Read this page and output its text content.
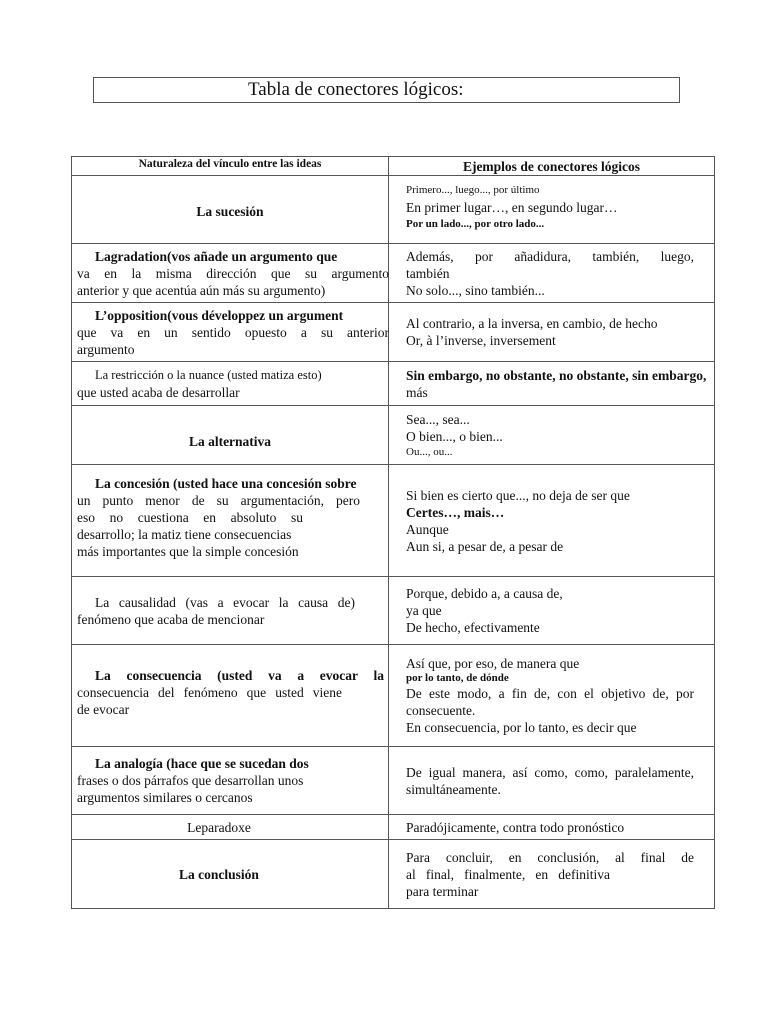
Tabla de conectores lógicos:
Naturaleza del vínculo entre las ideas	Ejemplos de conectores lógicos

La sucesión	Primero..., luego..., por último
En primer lugar…, en segundo lugar…
Por un lado..., por otro lado...

Lagradation(vos añade un argumento que
va en la misma dirección que su argumento
anterior y que acentúa aún más su argumento)	Además, por añadidura, también, luego,
también
No solo..., sino también...

L’opposition(vous développez un argument
que va en un sentido opuesto a su anterior
argumento	Al contrario, a la inversa, en cambio, de hecho
Or, à l’inverse, inversement

La restricción o la nuance (usted matiza esto)
que usted acaba de desarrollar	Sin embargo, no obstante, no obstante, sin embargo,
más

La alternativa	Sea..., sea...
O bien..., o bien...
Ou..., ou...

La concesión (usted hace una concesión sobre
un punto menor de su argumentación, pero
eso no cuestiona en absoluto su
desarrollo; la matiz tiene consecuencias
más importantes que la simple concesión	Si bien es cierto que..., no deja de ser que
Certes…, mais…
Aunque
Aun si, a pesar de, a pesar de

La causalidad (vas a evocar la causa de)
fenómeno que acaba de mencionar	Porque, debido a, a causa de,
ya que
De hecho, efectivamente

La consecuencia (usted va a evocar la
consecuencia del fenómeno que usted viene
de evocar	Así que, por eso, de manera que
por lo tanto, de dónde
De este modo, a fin de, con el objetivo de, por
consecuente.
En consecuencia, por lo tanto, es decir que

La analogía (hace que se sucedan dos
frases o dos párrafos que desarrollan unos
argumentos similares o cercanos	De igual manera, así como, como, paralelamente,
simultáneamente.

Leparadoxe	Paradójicamente, contra todo pronóstico

La conclusión	Para concluir, en conclusión, al final de
al final, finalmente, en definitiva
para terminar
